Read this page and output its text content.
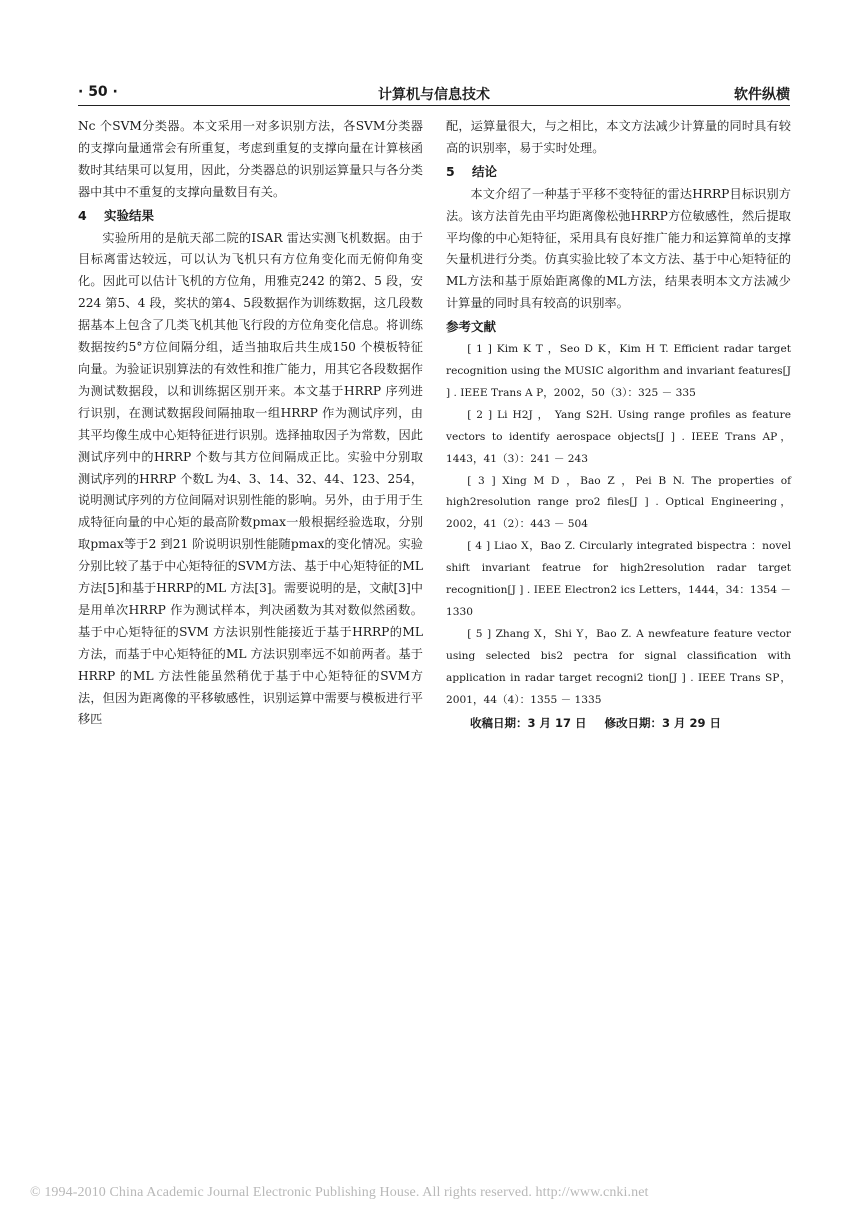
· 50 ·	计算机与信息技术	软件纵横

Nc 个SVM分类器。本文采用一对多识别方法，各SVM分类器的支撑向量通常会有所重复，考虑到重复的支撑向量在计算核函数时其结果可以复用，因此，分类器总的识别运算量只与各分类器中其中不重复的支撑向量数目有关。

4 实验结果

实验所用的是航天部二院的ISAR 雷达实测飞机数据。由于目标离雷达较远，可以认为飞机只有方位角变化而无俯仰角变化。因此可以估计飞机的方位角，用雅克242 的第2、5 段，安224 第5、4 段，奖状的第4、5段数据作为训练数据，这几段数据基本上包含了几类飞机其他飞行段的方位角变化信息。将训练数据按约5°方位间隔分组，适当抽取后共生成150 个模板特征向量。为验证识别算法的有效性和推广能力，用其它各段数据作为测试数据段，以和训练据区别开来。本文基于HRRP 序列进行识别，在测试数据段间隔抽取一组HRRP 作为测试序列，由其平均像生成中心矩特征进行识别。选择抽取因子为常数，因此测试序列中的HRRP 个数与其方位间隔成正比。实验中分别取测试序列的HRRP 个数L 为4、3、14、32、44、123、254，说明测试序列的方位间隔对识别性能的影响。另外，由于用于生成特征向量的中心矩的最高阶数pmax一般根据经验选取，分别取pmax等于2 到21 阶说明识别性能随pmax的变化情况。实验分别比较了基于中心矩特征的SVM方法、基于中心矩特征的ML 方法[5]和基于HRRP的ML 方法[3]。需要说明的是，文献[3]中是用单次HRRP 作为测试样本，判决函数为其对数似然函数。基于中心矩特征的SVM 方法识别性能接近于基于HRRP的ML 方法，而基于中心矩特征的ML 方法识别率远不如前两者。基于HRRP 的ML 方法性能虽然稍优于基于中心矩特征的SVM方法，但因为距离像的平移敏感性，识别运算中需要与模板进行平移匹

配，运算量很大，与之相比，本文方法减少计算量的同时具有较高的识别率，易于实时处理。

5 结论

本文介绍了一种基于平移不变特征的雷达HRRP目标识别方法。该方法首先由平均距离像松弛HRRP方位敏感性，然后提取平均像的中心矩特征，采用具有良好推广能力和运算简单的支撑矢量机进行分类。仿真实验比较了本文方法、基于中心矩特征的ML方法和基于原始距离像的ML方法，结果表明本文方法减少计算量的同时具有较高的识别率。

参考文献

[ 1 ] Kim K T ，Seo D K，Kim H T. Efficient radar target recognition using the MUSIC algorithm and invariant features[J ] . IEEE Trans A P，2002，50（3）：325 － 335

[ 2 ] Li H2J ， Yang S2H. Using range profiles as feature vectors to identify aerospace objects[J ] . IEEE Trans AP，1443，41（3）：241 － 243

[ 3 ] Xing M D ，Bao Z ，Pei B N. The properties of high2resolution range pro2 files[J ] . Optical Engineering，2002，41（2）：443 － 504

[ 4 ] Liao X，Bao Z. Circularly integrated bispectra ：novel shift invariant featrue for high2resolution radar target recognition[J ] . IEEE Electron2 ics Letters，1444，34：1354 － 1330

[ 5 ] Zhang X，Shi Y，Bao Z. A newfeature feature vector using selected bis2 pectra for signal classification with application in radar target recogni2 tion[J ] . IEEE Trans SP，2001，44（4）：1355 － 1335

收稿日期：3 月 17 日 修改日期：3 月 29 日
© 1994-2010 China Academic Journal Electronic Publishing House. All rights reserved. http://www.cnki.net
